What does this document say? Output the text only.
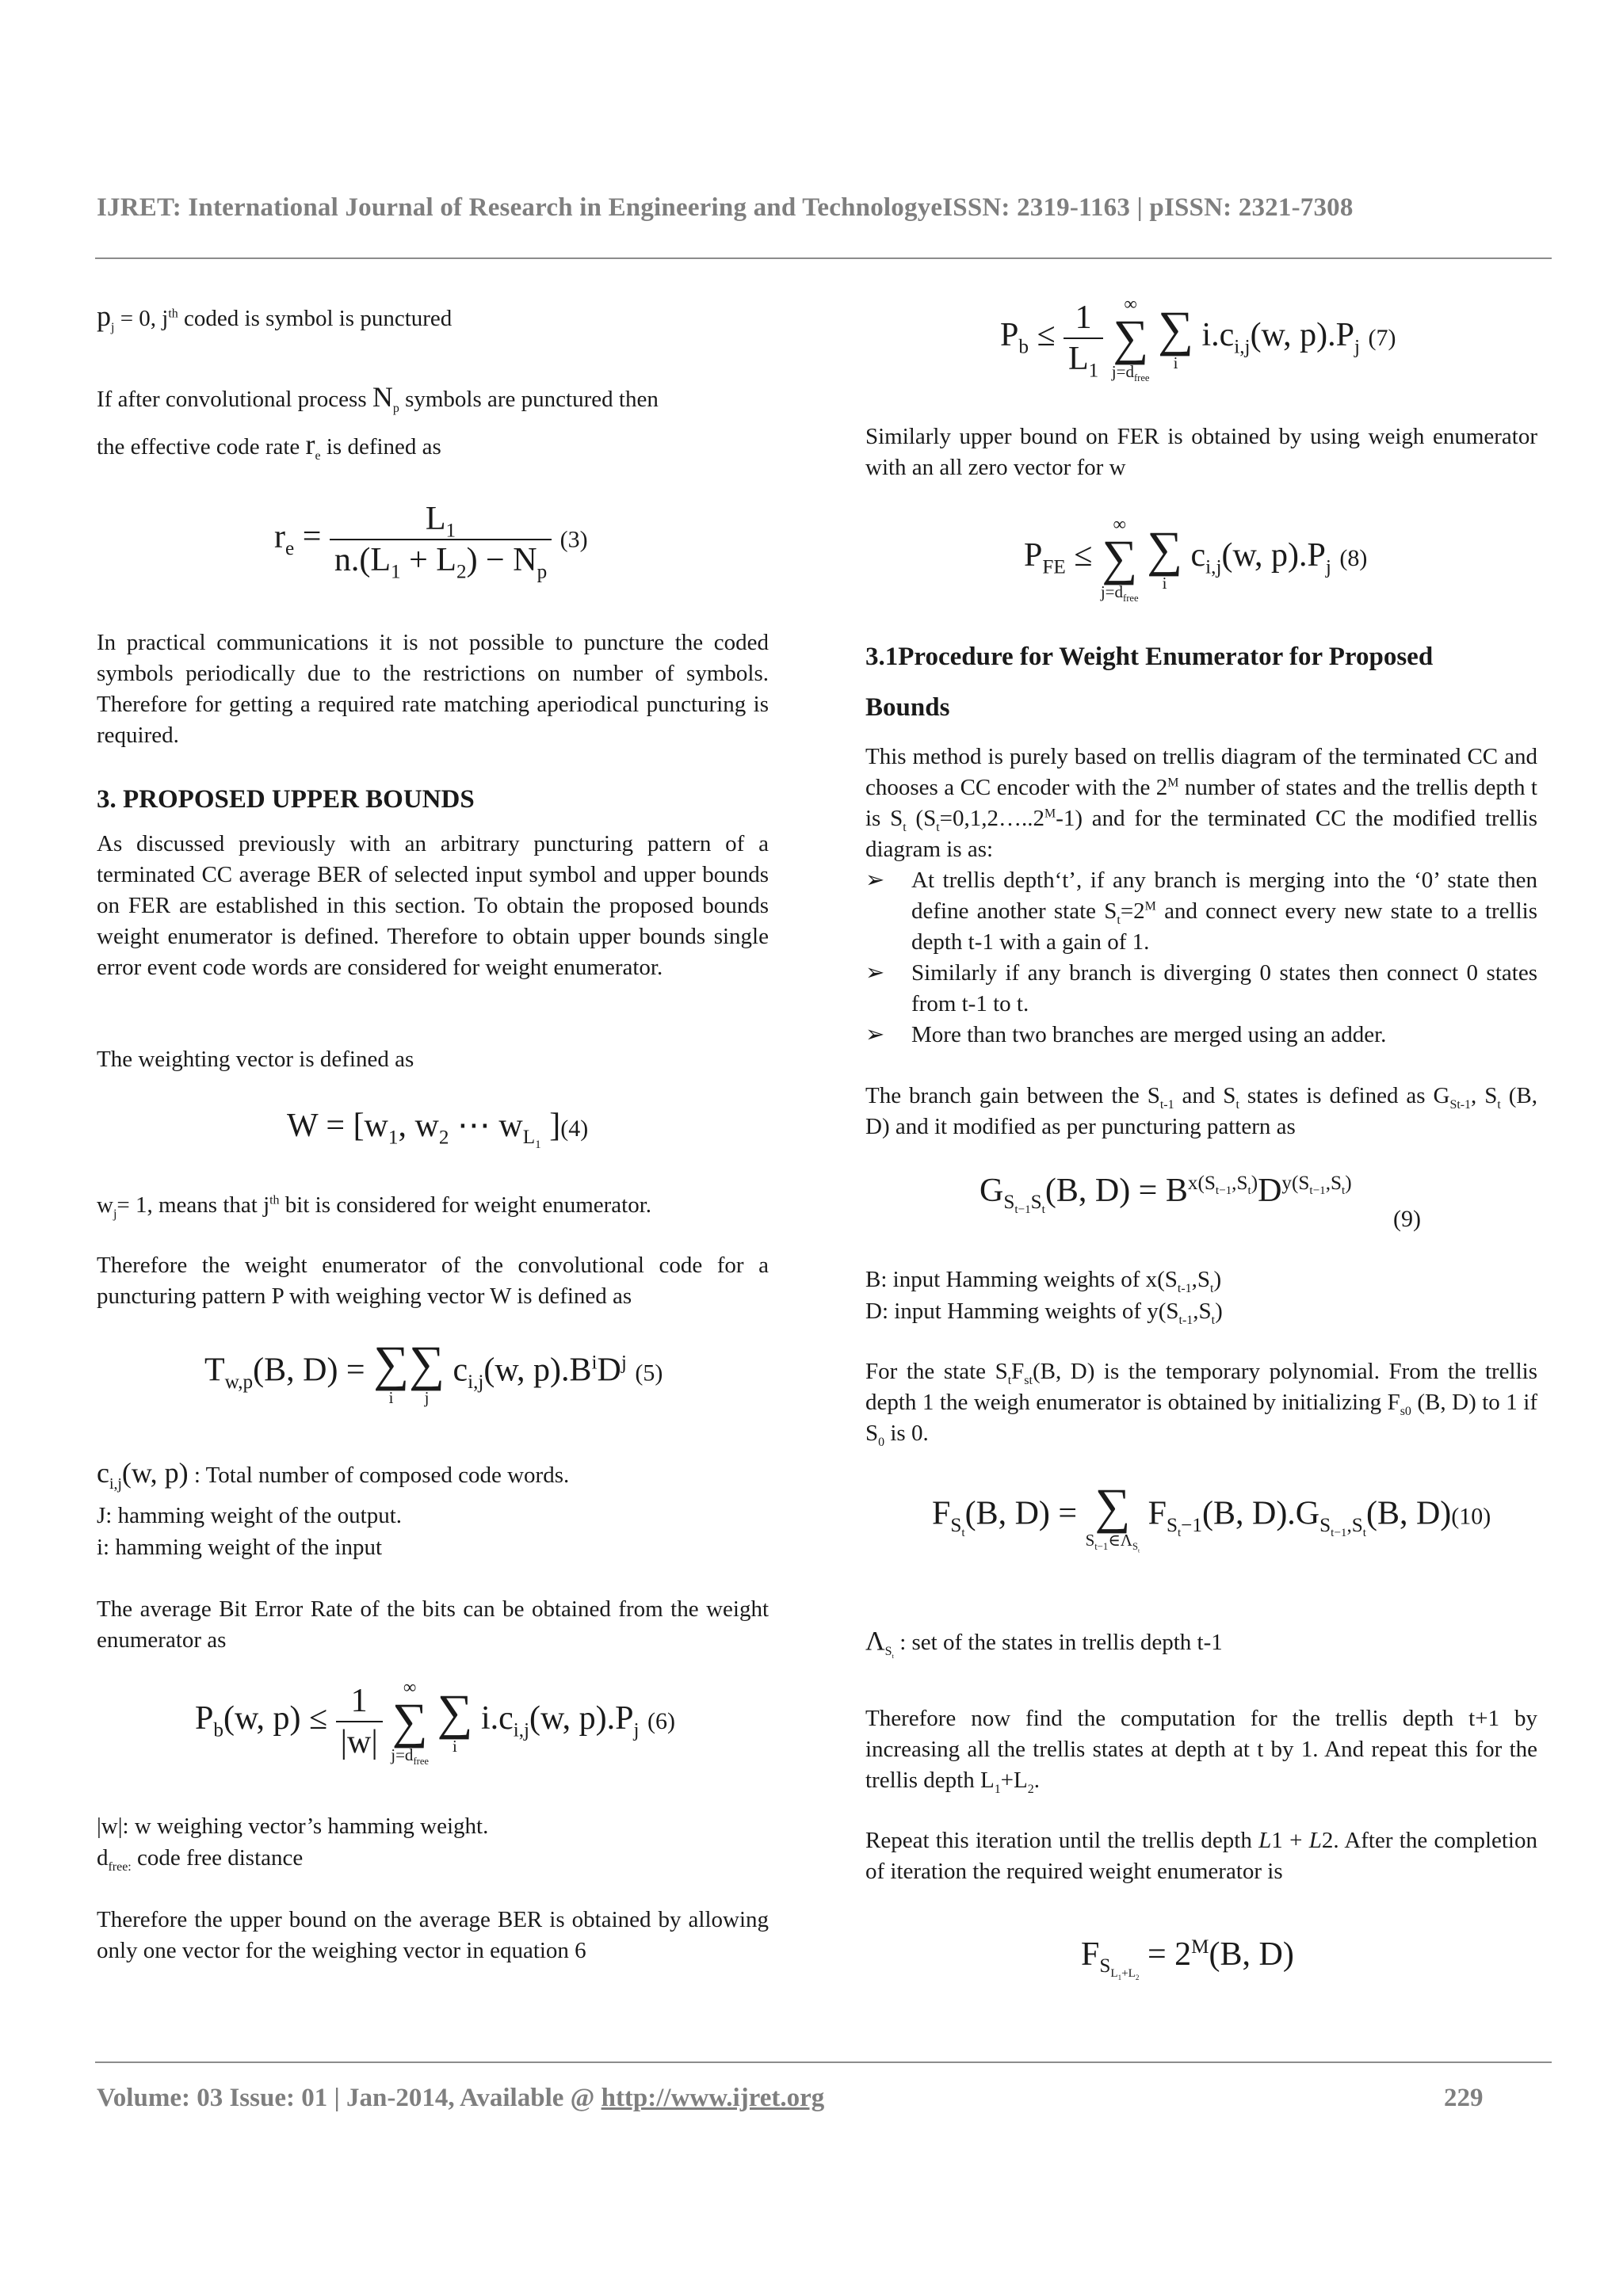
IJRET: International Journal of Research in Engineering and TechnologyeISSN: 2319-1163 | pISSN: 2321-7308
$p_j = 0$, $j^{th}$ coded is symbol is punctured

If after convolutional process $N_p$ symbols are punctured then

the effective code rate $r_e$ is defined as

$r_e = \frac{L_1}{n.(L_1 + L_2) - N_p} (3)$
In practical communications it is not possible to puncture the coded symbols periodically due to the restrictions on number of symbols. Therefore for getting a required rate matching aperiodical puncturing is required.
3. PROPOSED UPPER BOUNDS
As discussed previously with an arbitrary puncturing pattern of a terminated CC average BER of selected input symbol and upper bounds on FER are established in this section. To obtain the proposed bounds weight enumerator is defined. Therefore to obtain upper bounds single error event code words are considered for weight enumerator.
The weighting vector is defined as
$W = [w_1$, $w_2$ ⋯ $w_{L_1}$ ](4)
$w_j= 1$, means that $j^{th}$ bit is considered for weight enumerator.
Therefore the weight enumerator of the convolutional code for a puncturing pattern P with weighing vector W is defined as
$T_{w,p}(B$, D) = ∑
i
∑
j
$c_{i,j}(w$, $p).B^iD^j$ (5)
$c_{i,j}(w$, p) : Total number of composed code words.
J: hamming weight of the output.
i: hamming weight of the input
The average Bit Error Rate of the bits can be obtained from the weight enumerator as
$P_b(w$, $p) \le \frac{1}{|w|}$
	∞
∑
$j=d_{free}$

∑
i
$i.c_{i,j}(w$, $p).P_j$ (6)
|w|: w weighing vector’s hamming weight.
$d_{free:}$ code free distance
Therefore the upper bound on the average BER is obtained by allowing only one vector for the weighing vector in equation 6
$P_b \le \frac{1}{L_1}$
	∞
∑
$j=d_{free}$

∑
i
$i.c_{i,j}(w$, $p).P_j$ (7)
Similarly upper bound on FER is obtained by using weigh enumerator with an all zero vector for w
$P_{FE}$ ≤
∞
∑
$j=d_{free}$

∑
i
$c_{i,j}(w$, $p).P_j$ (8)
3.1Procedure for Weight Enumerator for Proposed
Bounds
This method is purely based on trellis diagram of the terminated CC and chooses a CC encoder with the $2^M$ number of states and the trellis depth t is $S_t$ $(S_t=0,1,2\dots..2^M-1)$ and for the terminated CC the modified trellis diagram is as:
➢ At trellis depth‘t’, if any branch is merging into the ‘0’ state then define another state $S_t=2^M$ and connect every new state to a trellis depth t-1 with a gain of 1.
➢ Similarly if any branch is diverging 0 states then connect 0 states from t-1 to t.
➢ More than two branches are merged using an adder.
The branch gain between the $S_{t-1}$ and $S_t$ states is defined as $G_{St-1}$, $S_t$ (B, D) and it modified as per puncturing pattern as
$G_{S_{t-1}S_t}(B$, $D) = B^{x(S_{t-1},S_t)}D^{y(S_{t-1},S_t)}$
(9)
B: input Hamming weights of $x(S_{t-1},S_t)$
D: input Hamming weights of $y(S_{t-1},S_t)$
For the state $S_tF_{st}(B$, D) is the temporary polynomial. From the trellis depth 1 the weigh enumerator is obtained by initializing $F_{s0}$ (B, D) to 1 if $S_0$ is 0.
$F_{S_t}(B$, D) = ∑
$S_{t-1}\in\Lambda_{S_t}$
$F_{S_t-1}(B$, $D).G_{S_{t-1},S_t}(B$, D)(10)
$\Lambda_{S_t}$ : set of the states in trellis depth t-1
Therefore now find the computation for the trellis depth t+1 by increasing all the trellis states at depth at t by 1. And repeat this for the trellis depth $L_1+L_2$.
Repeat this iteration until the trellis depth L1 + L2. After the completion of iteration the required weight enumerator is
$F_{S_{L_1+L_2}} = 2^M(B$, D)
Volume: 03 Issue: 01 | Jan-2014, Available @ http://www.ijret.org	229
